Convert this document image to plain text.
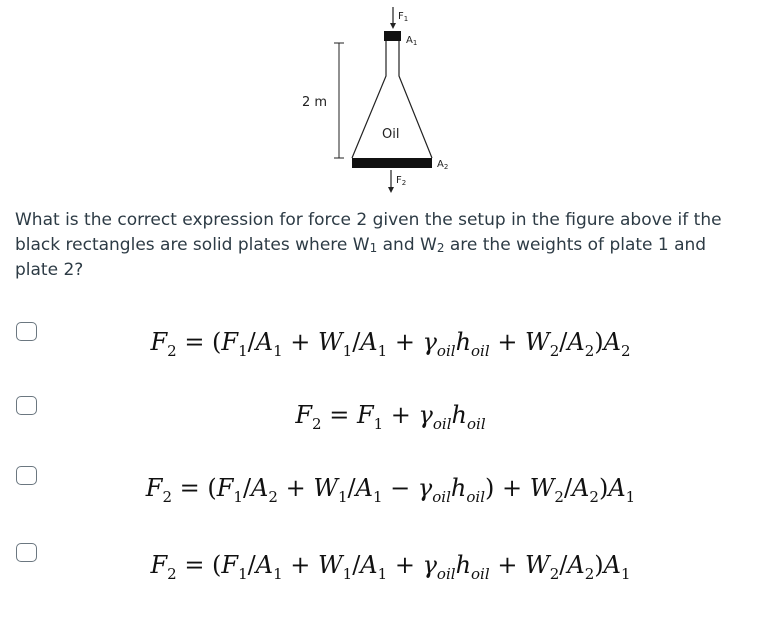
$F_1$
$A_1$
Oil
$A_2$
2 m
$F_2$
What is the correct expression for force 2 given the setup in the figure above if the black rectangles are solid plates where $W_1$ and $W_2$ are the weights of plate 1 and plate 2?
$F_2 = (F_1/A_1 + W_1/A_1 + \gamma_{oil}h_{oil} + W_2/A_2)A_2$
$F_2 = F_1 + \gamma_{oil}h_{oil}$
$F_2 = (F_1/A_2 + W_1/A_1 - \gamma_{oil}h_{oil}) + W_2/A_2)A_1$
$F_2 = (F_1/A_1 + W_1/A_1 + \gamma_{oil}h_{oil} + W_2/A_2)A_1$
